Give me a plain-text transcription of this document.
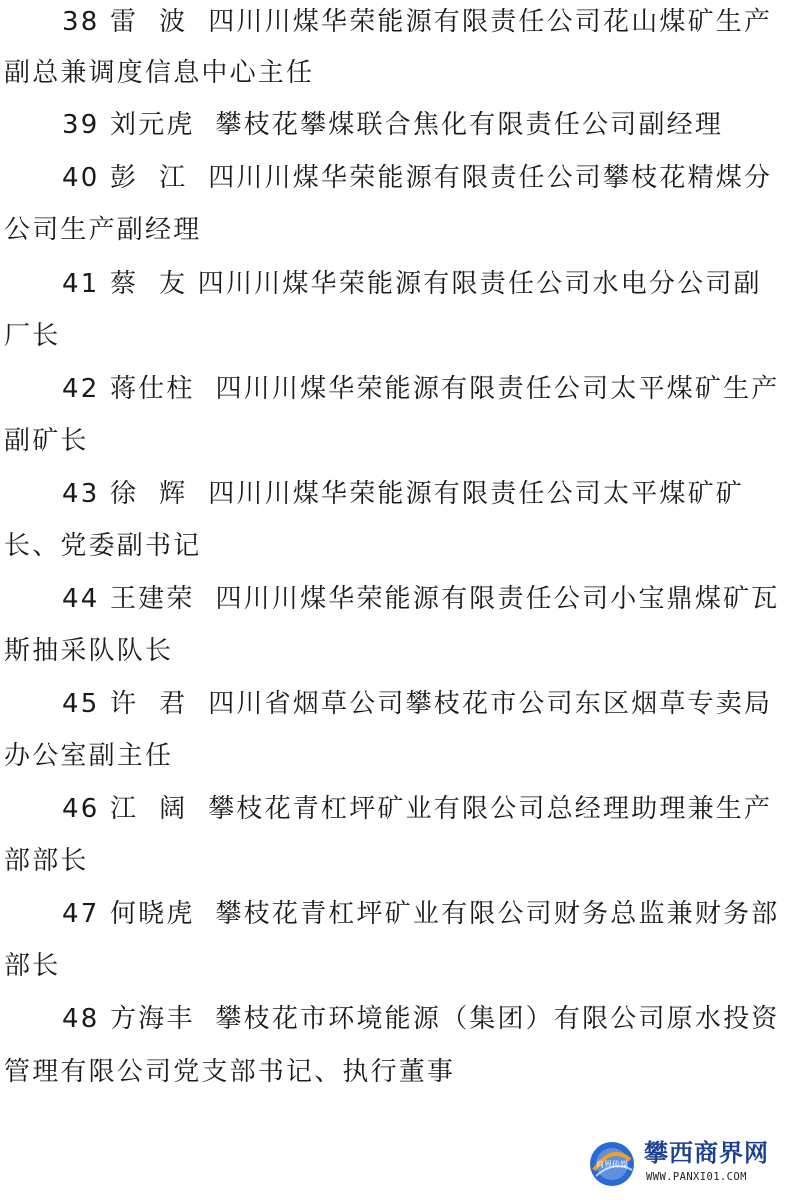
38 雷  波  四川川煤华荣能源有限责任公司花山煤矿生产
副总兼调度信息中心主任
39 刘元虎  攀枝花攀煤联合焦化有限责任公司副经理
40 彭  江  四川川煤华荣能源有限责任公司攀枝花精煤分
公司生产副经理
41 蔡  友 四川川煤华荣能源有限责任公司水电分公司副
厂长
42 蒋仕柱  四川川煤华荣能源有限责任公司太平煤矿生产
副矿长
43 徐  辉  四川川煤华荣能源有限责任公司太平煤矿矿
长、党委副书记
44 王建荣  四川川煤华荣能源有限责任公司小宝鼎煤矿瓦
斯抽采队队长
45 许  君  四川省烟草公司攀枝花市公司东区烟草专卖局
办公室副主任
46 江  阔  攀枝花青杠坪矿业有限公司总经理助理兼生产
部部长
47 何晓虎  攀枝花青杠坪矿业有限公司财务总监兼财务部
部长
48 方海丰  攀枝花市环境能源（集团）有限公司原水投资
管理有限公司党支部书记、执行董事
商界传媒 攀西商界网
WWW.PANXI01.COM
